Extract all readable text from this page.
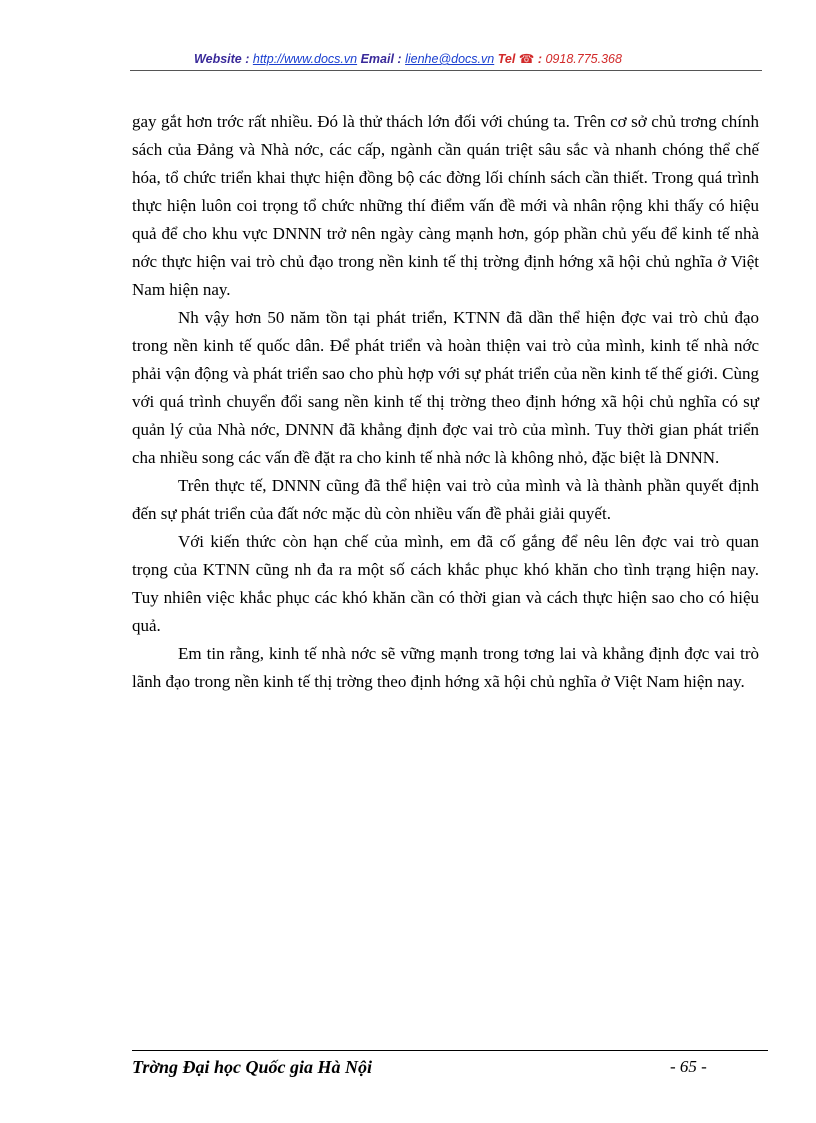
Website : http://www.docs.vn Email : lienhe@docs.vn Tel ☎ : 0918.775.368

gay gắt hơn trớc rất nhiều. Đó là thử thách lớn đối với chúng ta. Trên cơ sở chủ trơng chính sách của Đảng và Nhà nớc, các cấp, ngành cần quán triệt sâu sắc và nhanh chóng thể chế hóa, tổ chức triển khai thực hiện đồng bộ các đờng lối chính sách cần thiết. Trong quá trình thực hiện luôn coi trọng tổ chức những thí điểm vấn đề mới và nhân rộng khi thấy có hiệu quả để cho khu vực DNNN trở nên ngày càng mạnh hơn, góp phần chủ yếu để kinh tế nhà nớc thực hiện vai trò chủ đạo trong nền kinh tế thị trờng định hớng xã hội chủ nghĩa ở Việt Nam hiện nay.

Nh vậy hơn 50 năm tồn tại phát triển, KTNN đã dần thể hiện đợc vai trò chủ đạo trong nền kinh tế quốc dân. Để phát triển và hoàn thiện vai trò của mình, kinh tế nhà nớc phải vận động và phát triển sao cho phù hợp với sự phát triển của nền kinh tế thế giới. Cùng với quá trình chuyển đổi sang nền kinh tế thị trờng theo định hớng xã hội chủ nghĩa có sự quản lý của Nhà nớc, DNNN đã khẳng định đợc vai trò của mình. Tuy thời gian phát triển cha nhiều song các vấn đề đặt ra cho kinh tế nhà nớc là không nhỏ, đặc biệt là DNNN.

Trên thực tế, DNNN cũng đã thể hiện vai trò của mình và là thành phần quyết định đến sự phát triển của đất nớc mặc dù còn nhiều vấn đề phải giải quyết.

Với kiến thức còn hạn chế của mình, em đã cố gắng để nêu lên đợc vai trò quan trọng của KTNN cũng nh đa ra một số cách khắc phục khó khăn cho tình trạng hiện nay. Tuy nhiên việc khắc phục các khó khăn cần có thời gian và cách thực hiện sao cho có hiệu quả.

Em tin rằng, kinh tế nhà nớc sẽ vững mạnh trong tơng lai và khẳng định đợc vai trò lãnh đạo trong nền kinh tế thị trờng theo định hớng xã hội chủ nghĩa ở Việt Nam hiện nay.

Trờng Đại học Quốc gia Hà Nội	- 65 -
